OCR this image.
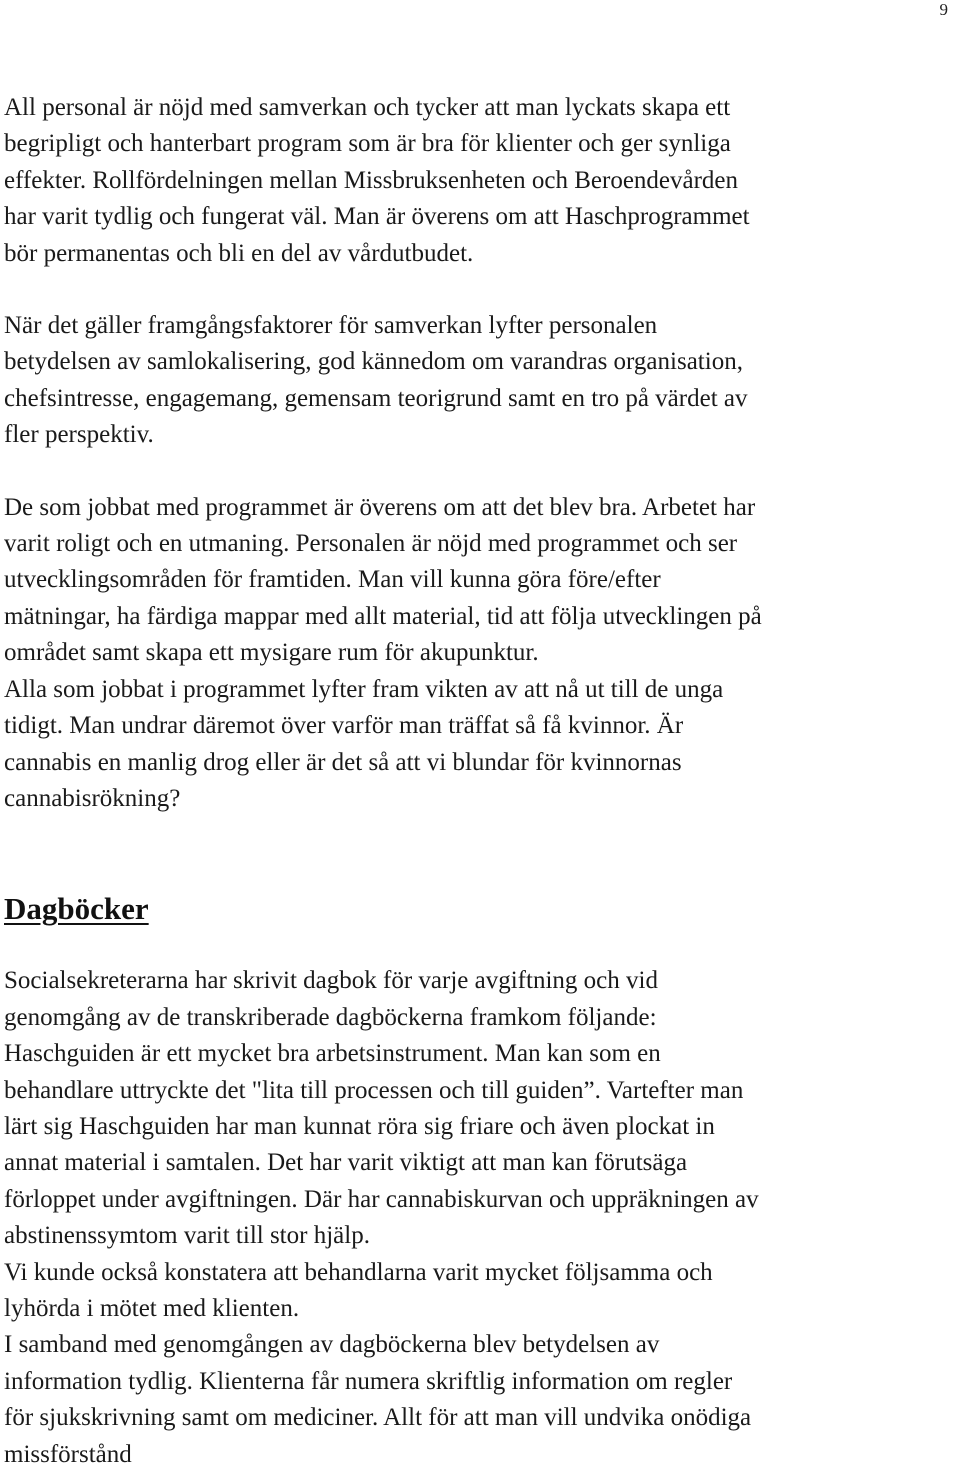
9

All personal är nöjd med samverkan och tycker att man lyckats skapa ett
begripligt och hanterbart program som är bra för klienter och ger synliga
effekter. Rollfördelningen mellan Missbruksenheten och Beroendevården
har varit tydlig och fungerat väl. Man är överens om att Haschprogrammet
bör permanentas och bli en del av vårdutbudet.

När det gäller framgångsfaktorer för samverkan lyfter personalen
betydelsen av samlokalisering, god kännedom om varandras organisation,
chefsintresse, engagemang, gemensam teorigrund samt en tro på värdet av
fler perspektiv.

De som jobbat med programmet är överens om att det blev bra. Arbetet har
varit roligt och en utmaning. Personalen är nöjd med programmet och ser
utvecklingsområden för framtiden. Man vill kunna göra före/efter
mätningar, ha färdiga mappar med allt material, tid att följa utvecklingen på
området samt skapa ett mysigare rum för akupunktur.
Alla som jobbat i programmet lyfter fram vikten av att nå ut till de unga
tidigt. Man undrar däremot över varför man träffat så få kvinnor. Är
cannabis en manlig drog eller är det så att vi blundar för kvinnornas
cannabisrökning?

Dagböcker

Socialsekreterarna har skrivit dagbok för varje avgiftning och vid
genomgång av de transkriberade dagböckerna framkom följande:
Haschguiden är ett mycket bra arbetsinstrument. Man kan som en
behandlare uttryckte det "lita till processen och till guiden”. Vartefter man
lärt sig Haschguiden har man kunnat röra sig friare och även plockat in
annat material i samtalen. Det har varit viktigt att man kan förutsäga
förloppet under avgiftningen. Där har cannabiskurvan och uppräkningen av
abstinenssymtom varit till stor hjälp.
Vi kunde också konstatera att behandlarna varit mycket följsamma och
lyhörda i mötet med klienten.
I samband med genomgången av dagböckerna blev betydelsen av
information tydlig. Klienterna får numera skriftlig information om regler
för sjukskrivning samt om mediciner. Allt för att man vill undvika onödiga
missförstånd
